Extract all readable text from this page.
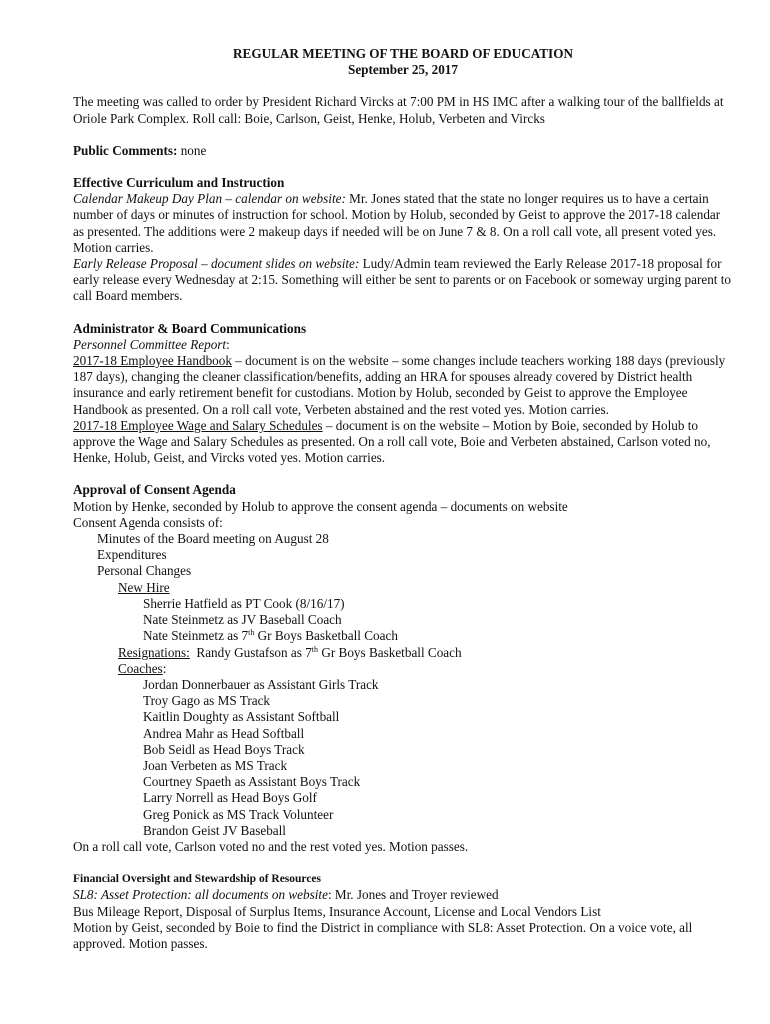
REGULAR MEETING OF THE BOARD OF EDUCATION

September 25, 2017

The meeting was called to order by President Richard Vircks at 7:00 PM in HS IMC after a walking tour of the ballfields at Oriole Park Complex. Roll call: Boie, Carlson, Geist, Henke, Holub, Verbeten and Vircks

Public Comments: none

Effective Curriculum and Instruction

Calendar Makeup Day Plan – calendar on website: Mr. Jones stated that the state no longer requires us to have a certain number of days or minutes of instruction for school. Motion by Holub, seconded by Geist to approve the 2017-18 calendar as presented. The additions were 2 makeup days if needed will be on June 7 & 8. On a roll call vote, all present voted yes. Motion carries.

Early Release Proposal – document slides on website: Ludy/Admin team reviewed the Early Release 2017-18 proposal for early release every Wednesday at 2:15. Something will either be sent to parents or on Facebook or someway urging parent to call Board members.

Administrator & Board Communications

Personnel Committee Report:

2017-18 Employee Handbook – document is on the website – some changes include teachers working 188 days (previously 187 days), changing the cleaner classification/benefits, adding an HRA for spouses already covered by District health insurance and early retirement benefit for custodians. Motion by Holub, seconded by Geist to approve the Employee Handbook as presented. On a roll call vote, Verbeten abstained and the rest voted yes. Motion carries.

2017-18 Employee Wage and Salary Schedules – document is on the website – Motion by Boie, seconded by Holub to approve the Wage and Salary Schedules as presented. On a roll call vote, Boie and Verbeten abstained, Carlson voted no, Henke, Holub, Geist, and Vircks voted yes. Motion carries.

Approval of Consent Agenda

Motion by Henke, seconded by Holub to approve the consent agenda – documents on website

Consent Agenda consists of:

Minutes of the Board meeting on August 28

Expenditures

Personal Changes

New Hire

Sherrie Hatfield as PT Cook (8/16/17)

Nate Steinmetz as JV Baseball Coach

Nate Steinmetz as 7th Gr Boys Basketball Coach

Resignations:  Randy Gustafson as 7th Gr Boys Basketball Coach

Coaches:

Jordan Donnerbauer as Assistant Girls Track

Troy Gago as MS Track

Kaitlin Doughty as Assistant Softball

Andrea Mahr as Head Softball

Bob Seidl as Head Boys Track

Joan Verbeten as MS Track

Courtney Spaeth as Assistant Boys Track

Larry Norrell as Head Boys Golf

Greg Ponick as MS Track Volunteer

Brandon Geist JV Baseball

On a roll call vote, Carlson voted no and the rest voted yes. Motion passes.

Financial Oversight and Stewardship of Resources

SL8: Asset Protection: all documents on website: Mr. Jones and Troyer reviewed

Bus Mileage Report, Disposal of Surplus Items, Insurance Account, License and Local Vendors List

Motion by Geist, seconded by Boie to find the District in compliance with SL8: Asset Protection. On a voice vote, all approved. Motion passes.
